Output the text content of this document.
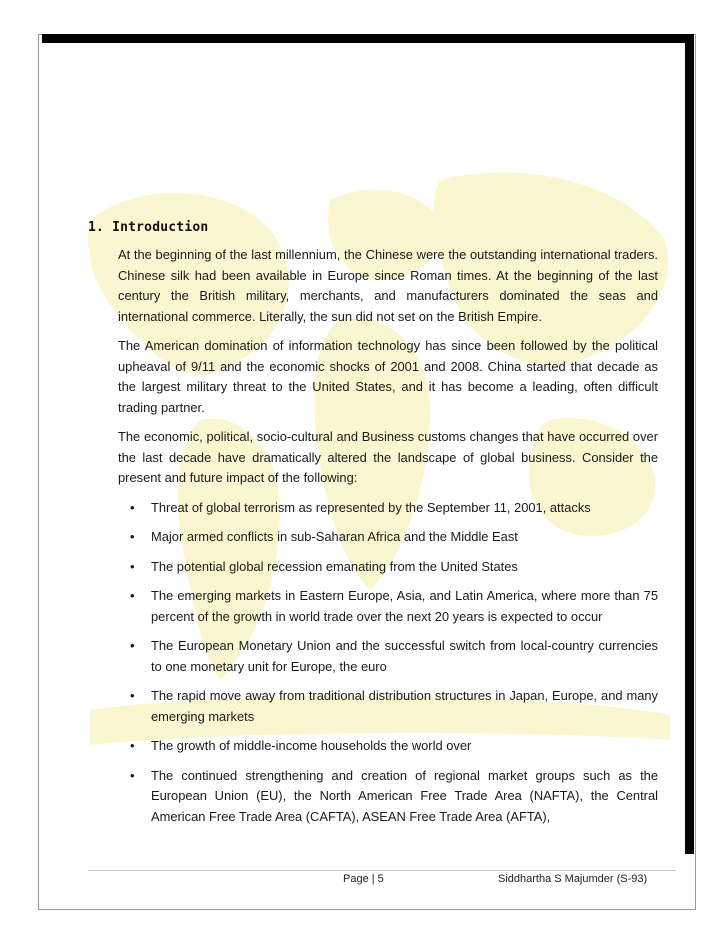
1. Introduction

At the beginning of the last millennium, the Chinese were the outstanding international traders. Chinese silk had been available in Europe since Roman times. At the beginning of the last century the British military, merchants, and manufacturers dominated the seas and international commerce. Literally, the sun did not set on the British Empire.

The American domination of information technology has since been followed by the political upheaval of 9/11 and the economic shocks of 2001 and 2008. China started that decade as the largest military threat to the United States, and it has become a leading, often difficult trading partner.

The economic, political, socio-cultural and Business customs changes that have occurred over the last decade have dramatically altered the landscape of global business. Consider the present and future impact of the following:

• Threat of global terrorism as represented by the September 11, 2001, attacks
• Major armed conflicts in sub-Saharan Africa and the Middle East
• The potential global recession emanating from the United States
• The emerging markets in Eastern Europe, Asia, and Latin America, where more than 75 percent of the growth in world trade over the next 20 years is expected to occur
• The European Monetary Union and the successful switch from local-country currencies to one monetary unit for Europe, the euro
• The rapid move away from traditional distribution structures in Japan, Europe, and many emerging markets
• The growth of middle-income households the world over
• The continued strengthening and creation of regional market groups such as the European Union (EU), the North American Free Trade Area (NAFTA), the Central American Free Trade Area (CAFTA), ASEAN Free Trade Area (AFTA),
Page | 5	Siddhartha S Majumder (S-93)
